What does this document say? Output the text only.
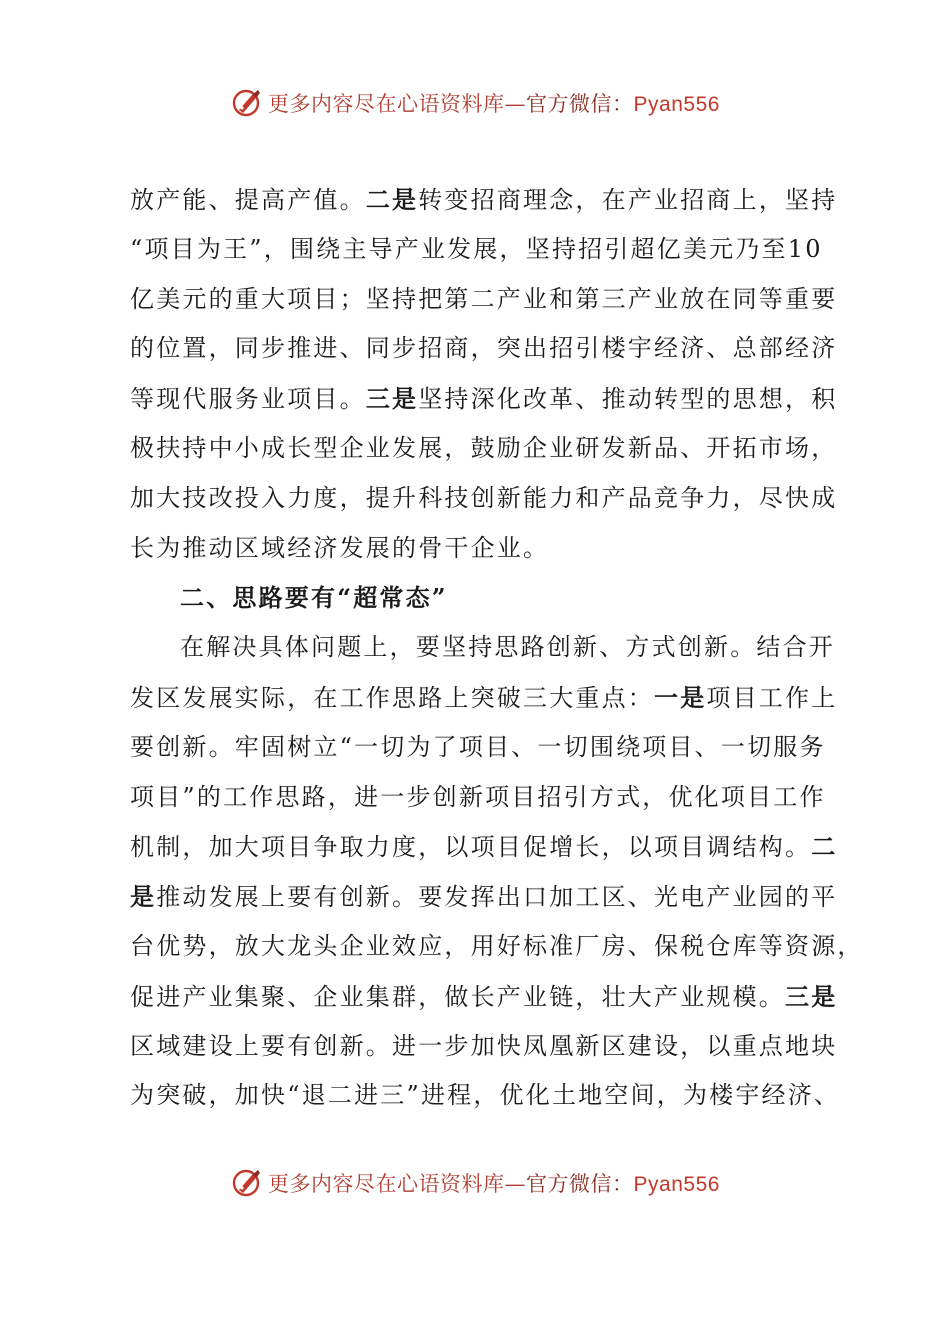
更多内容尽在心语资料库—官方微信：Pyan556
放产能、提高产值。二是转变招商理念，在产业招商上，坚持
“项目为王”，围绕主导产业发展，坚持招引超亿美元乃至10
亿美元的重大项目；坚持把第二产业和第三产业放在同等重要
的位置，同步推进、同步招商，突出招引楼宇经济、总部经济
等现代服务业项目。三是坚持深化改革、推动转型的思想，积
极扶持中小成长型企业发展，鼓励企业研发新品、开拓市场，
加大技改投入力度，提升科技创新能力和产品竞争力，尽快成
长为推动区域经济发展的骨干企业。
二、思路要有“超常态”
在解决具体问题上，要坚持思路创新、方式创新。结合开
发区发展实际，在工作思路上突破三大重点：一是项目工作上
要创新。牢固树立“一切为了项目、一切围绕项目、一切服务
项目”的工作思路，进一步创新项目招引方式，优化项目工作
机制，加大项目争取力度，以项目促增长，以项目调结构。二
是推动发展上要有创新。要发挥出口加工区、光电产业园的平
台优势，放大龙头企业效应，用好标准厂房、保税仓库等资源，
促进产业集聚、企业集群，做长产业链，壮大产业规模。三是
区域建设上要有创新。进一步加快凤凰新区建设，以重点地块
为突破，加快“退二进三”进程，优化土地空间，为楼宇经济、
更多内容尽在心语资料库—官方微信：Pyan556
